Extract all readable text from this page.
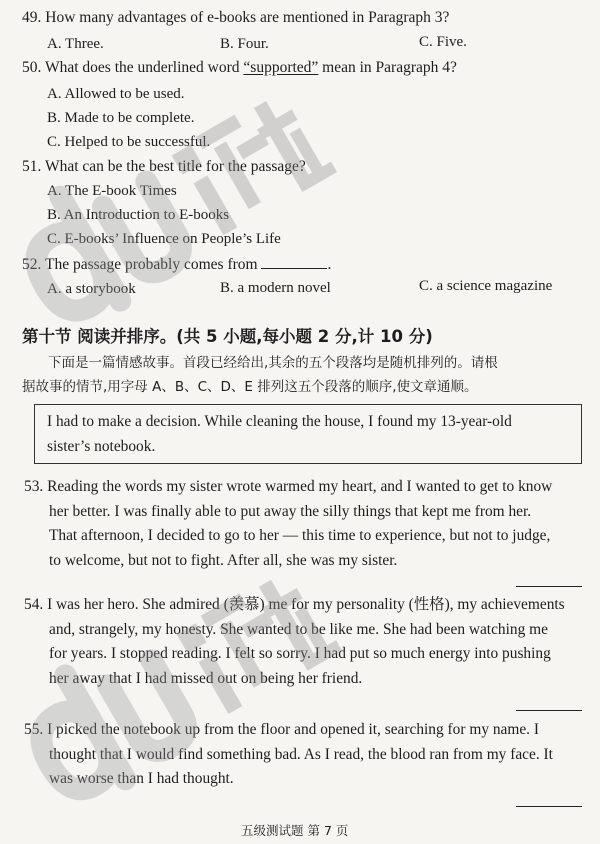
49. How many advantages of e-books are mentioned in Paragraph 3?
A. Three.	B. Four.	C. Five.
50. What does the underlined word “supported” mean in Paragraph 4?
A. Allowed to be used.
B. Made to be complete.
C. Helped to be successful.
51. What can be the best title for the passage?
A. The E-book Times
B. An Introduction to E-books
C. E-books’ Influence on People’s Life
52. The passage probably comes from	.
A. a storybook	B. a modern novel	C. a science magazine
第十节 阅读并排序。(共 5 小题,每小题 2 分,计 10 分)
下面是一篇情感故事。首段已经给出,其余的五个段落均是随机排列的。请根
据故事的情节,用字母 A、B、C、D、E 排列这五个段落的顺序,使文章通顺。
I had to make a decision. While cleaning the house, I found my 13-year-old
sister’s notebook.
53. Reading the words my sister wrote warmed my heart, and I wanted to get to know
her better. I was finally able to put away the silly things that kept me from her.
That afternoon, I decided to go to her — this time to experience, but not to judge,
to welcome, but not to fight. After all, she was my sister.
54. I was her hero. She admired (羡慕) me for my personality (性格), my achievements
and, strangely, my honesty. She wanted to be like me. She had been watching me
for years. I stopped reading. I felt so sorry. I had put so much energy into pushing
her away that I had missed out on being her friend.
55. I picked the notebook up from the floor and opened it, searching for my name. I
thought that I would find something bad. As I read, the blood ran from my face. It
was worse than I had thought.
五级测试题 第 7 页
